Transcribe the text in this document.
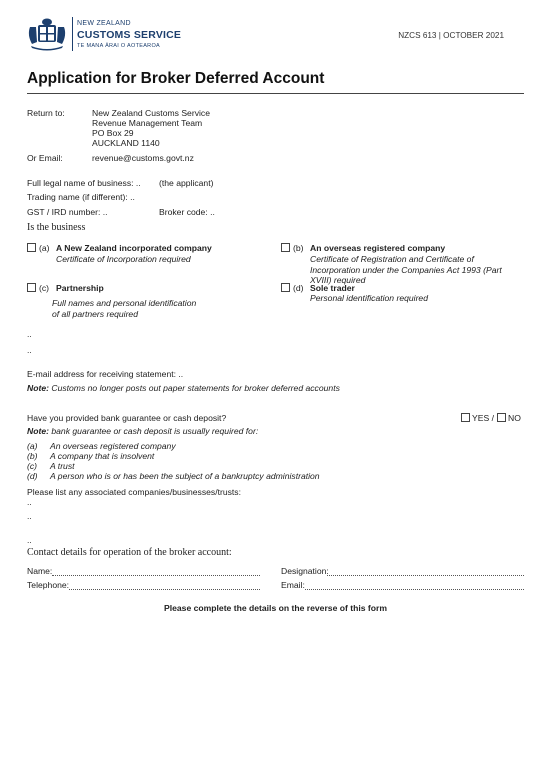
NEW ZEALAND
CUSTOMS SERVICE
TE MANA ĀRAI O AOTEAROA
NZCS 613 | OCTOBER 2021
Application for Broker Deferred Account
Return to:	New Zealand Customs Service
Revenue Management Team
PO Box 29
AUCKLAND 1140
Or Email:	revenue@customs.govt.nz
Full legal name of business: .. (the applicant)
Trading name (if different): ..
GST / IRD number: ..	Broker code: ..
Is the business
(a) A New Zealand incorporated company
Certificate of Incorporation required
(b) An overseas registered company
Certificate of Registration and Certificate of Incorporation under the Companies Act 1993 (Part XVIII) required
(c) Partnership
Full names and personal identification of all partners required
(d) Sole trader
Personal identification required
..
..
E-mail address for receiving statement: ..
Note: Customs no longer posts out paper statements for broker deferred accounts
Have you provided bank guarantee or cash deposit?	YES / NO
Note: bank guarantee or cash deposit is usually required for:
(a) An overseas registered company
(b) A company that is insolvent
(c) A trust
(d) A person who is or has been the subject of a bankruptcy administration
Please list any associated companies/businesses/trusts:
..
..
..
Contact details for operation of the broker account:
Name:	Designation:
Telephone:	Email:
Please complete the details on the reverse of this form
